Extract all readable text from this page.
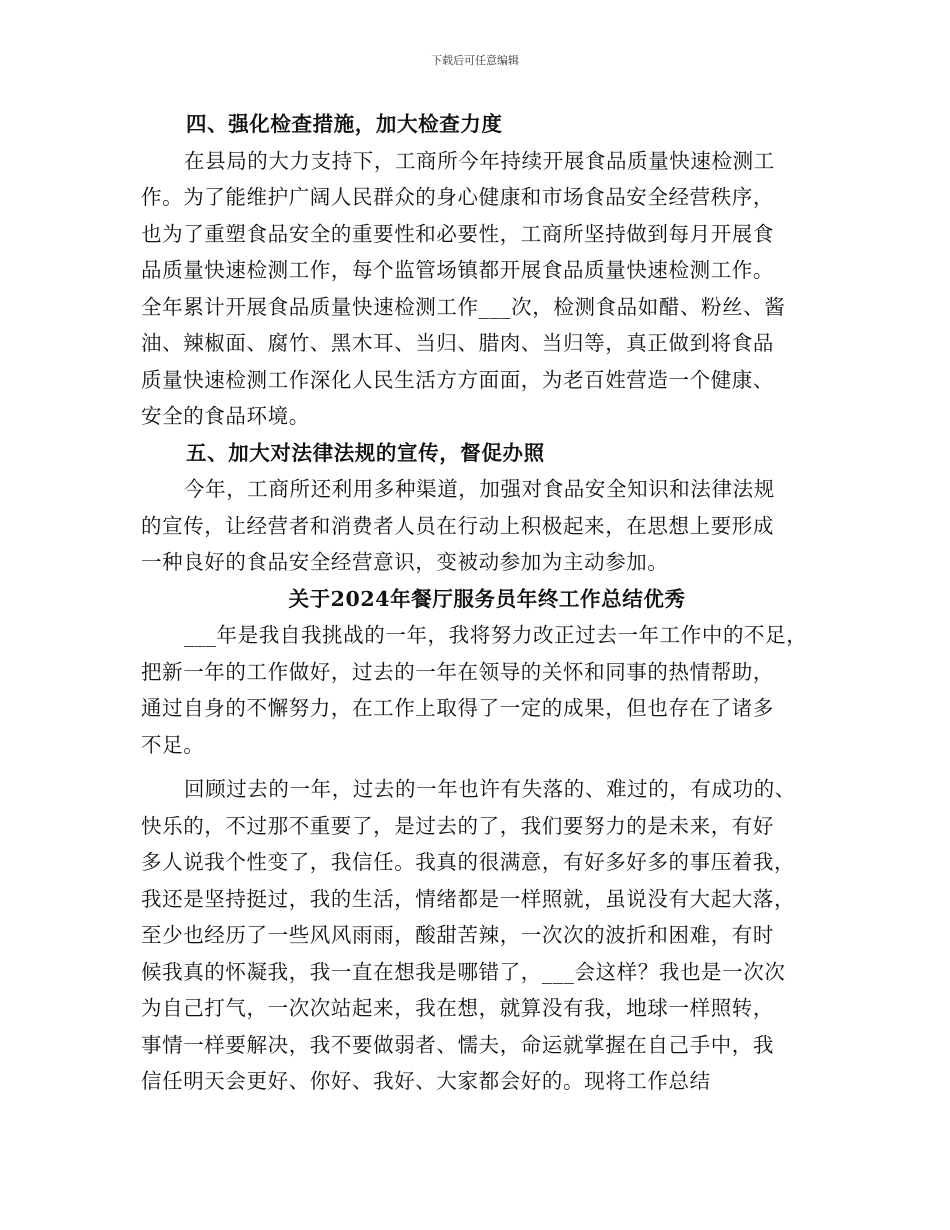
下载后可任意编辑
四、强化检查措施，加大检查力度
在县局的大力支持下，工商所今年持续开展食品质量快速检测工
作。为了能维护广阔人民群众的身心健康和市场食品安全经营秩序，
也为了重塑食品安全的重要性和必要性，工商所坚持做到每月开展食
品质量快速检测工作，每个监管场镇都开展食品质量快速检测工作。
全年累计开展食品质量快速检测工作___次，检测食品如醋、粉丝、酱
油、辣椒面、腐竹、黑木耳、当归、腊肉、当归等，真正做到将食品
质量快速检测工作深化人民生活方方面面，为老百姓营造一个健康、
安全的食品环境。
五、加大对法律法规的宣传，督促办照
今年，工商所还利用多种渠道，加强对食品安全知识和法律法规
的宣传，让经营者和消费者人员在行动上积极起来，在思想上要形成
一种良好的食品安全经营意识，变被动参加为主动参加。
关于2024年餐厅服务员年终工作总结优秀
___年是我自我挑战的一年，我将努力改正过去一年工作中的不足，
把新一年的工作做好，过去的一年在领导的关怀和同事的热情帮助，
通过自身的不懈努力，在工作上取得了一定的成果，但也存在了诸多
不足。
回顾过去的一年，过去的一年也许有失落的、难过的，有成功的、
快乐的，不过那不重要了，是过去的了，我们要努力的是未来，有好
多人说我个性变了，我信任。我真的很满意，有好多好多的事压着我，
我还是坚持挺过，我的生活，情绪都是一样照就，虽说没有大起大落，
至少也经历了一些风风雨雨，酸甜苦辣，一次次的波折和困难，有时
候我真的怀凝我，我一直在想我是哪错了，___会这样？我也是一次次
为自己打气，一次次站起来，我在想，就算没有我，地球一样照转，
事情一样要解决，我不要做弱者、懦夫，命运就掌握在自己手中，我
信任明天会更好、你好、我好、大家都会好的。现将工作总结
